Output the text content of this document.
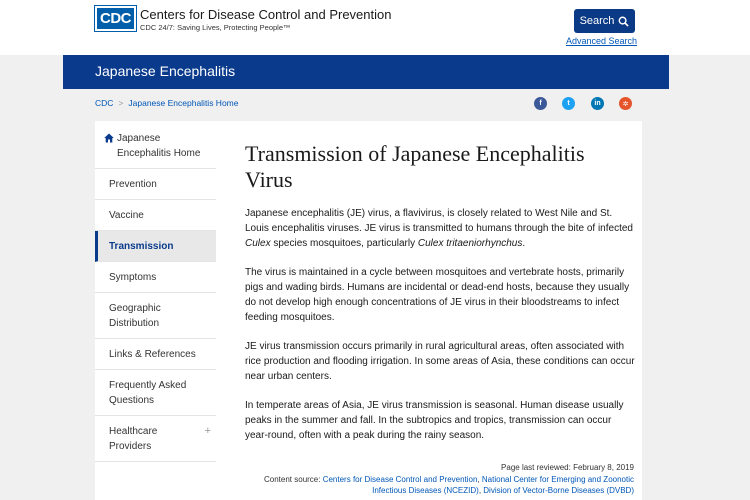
CDC Centers for Disease Control and Prevention
CDC 24/7: Saving Lives, Protecting People™
Search
Advanced Search
Japanese Encephalitis
CDC > Japanese Encephalitis Home	f	t	in	✲
Japanese Encephalitis Home
Prevention
Vaccine
Transmission
Symptoms
Geographic Distribution
Links & References
Frequently Asked Questions
Healthcare Providers
+
Transmission of Japanese Encephalitis Virus

Japanese encephalitis (JE) virus, a flavivirus, is closely related to West Nile and St. Louis encephalitis viruses. JE virus is transmitted to humans through the bite of infected Culex species mosquitoes, particularly Culex tritaeniorhynchus.

The virus is maintained in a cycle between mosquitoes and vertebrate hosts, primarily pigs and wading birds. Humans are incidental or dead-end hosts, because they usually do not develop high enough concentrations of JE virus in their bloodstreams to infect feeding mosquitoes.

JE virus transmission occurs primarily in rural agricultural areas, often associated with rice production and flooding irrigation. In some areas of Asia, these conditions can occur near urban centers.

In temperate areas of Asia, JE virus transmission is seasonal. Human disease usually peaks in the summer and fall. In the subtropics and tropics, transmission can occur year-round, often with a peak during the rainy season.

Page last reviewed: February 8, 2019
Content source: Centers for Disease Control and Prevention, National Center for Emerging and Zoonotic Infectious Diseases (NCEZID), Division of Vector-Borne Diseases (DVBD)
